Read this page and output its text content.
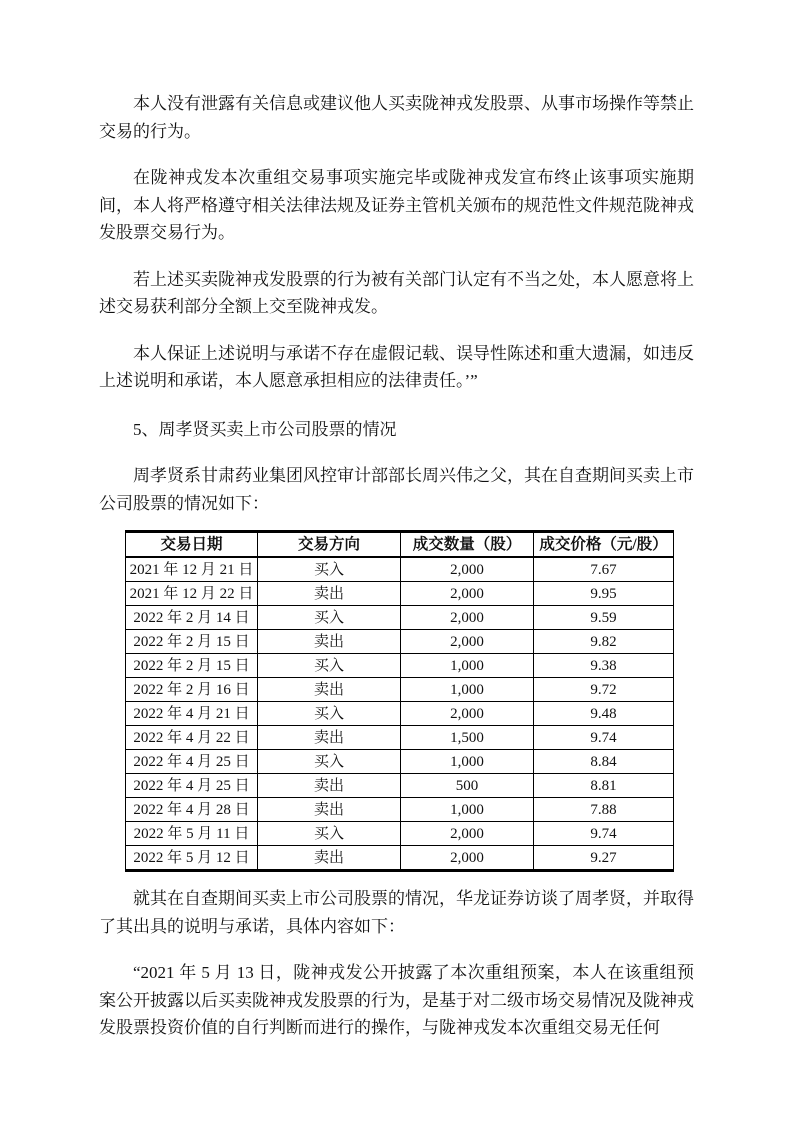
本人没有泄露有关信息或建议他人买卖陇神戎发股票、从事市场操作等禁止交易的行为。

在陇神戎发本次重组交易事项实施完毕或陇神戎发宣布终止该事项实施期间，本人将严格遵守相关法律法规及证券主管机关颁布的规范性文件规范陇神戎发股票交易行为。

若上述买卖陇神戎发股票的行为被有关部门认定有不当之处，本人愿意将上述交易获利部分全额上交至陇神戎发。

本人保证上述说明与承诺不存在虚假记载、误导性陈述和重大遗漏，如违反上述说明和承诺，本人愿意承担相应的法律责任。’”

5、周孝贤买卖上市公司股票的情况

周孝贤系甘肃药业集团风控审计部部长周兴伟之父，其在自查期间买卖上市公司股票的情况如下：

交易日期	交易方向	成交数量（股）	成交价格（元/股）
2021 年 12 月 21 日	买入	2,000	7.67
2021 年 12 月 22 日	卖出	2,000	9.95
2022 年 2 月 14 日	买入	2,000	9.59
2022 年 2 月 15 日	卖出	2,000	9.82
2022 年 2 月 15 日	买入	1,000	9.38
2022 年 2 月 16 日	卖出	1,000	9.72
2022 年 4 月 21 日	买入	2,000	9.48
2022 年 4 月 22 日	卖出	1,500	9.74
2022 年 4 月 25 日	买入	1,000	8.84
2022 年 4 月 25 日	卖出	500	8.81
2022 年 4 月 28 日	卖出	1,000	7.88
2022 年 5 月 11 日	买入	2,000	9.74
2022 年 5 月 12 日	卖出	2,000	9.27

就其在自查期间买卖上市公司股票的情况，华龙证券访谈了周孝贤，并取得了其出具的说明与承诺，具体内容如下：

“2021 年 5 月 13 日，陇神戎发公开披露了本次重组预案，本人在该重组预案公开披露以后买卖陇神戎发股票的行为，是基于对二级市场交易情况及陇神戎发股票投资价值的自行判断而进行的操作，与陇神戎发本次重组交易无任何
